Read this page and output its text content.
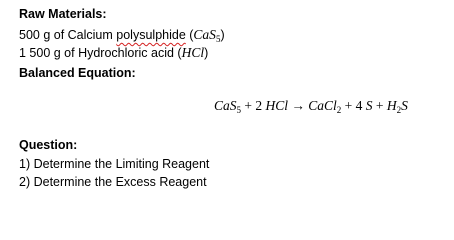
Raw Materials:
500 g of Calcium polysulphide (CaS$_5$)
1 500 g of Hydrochloric acid (HCl)
Balanced Equation:
CaS$_5$ + 2 HCl → CaCl$_2$ + 4 $S + H_2S$
Question:
1) Determine the Limiting Reagent
2) Determine the Excess Reagent
